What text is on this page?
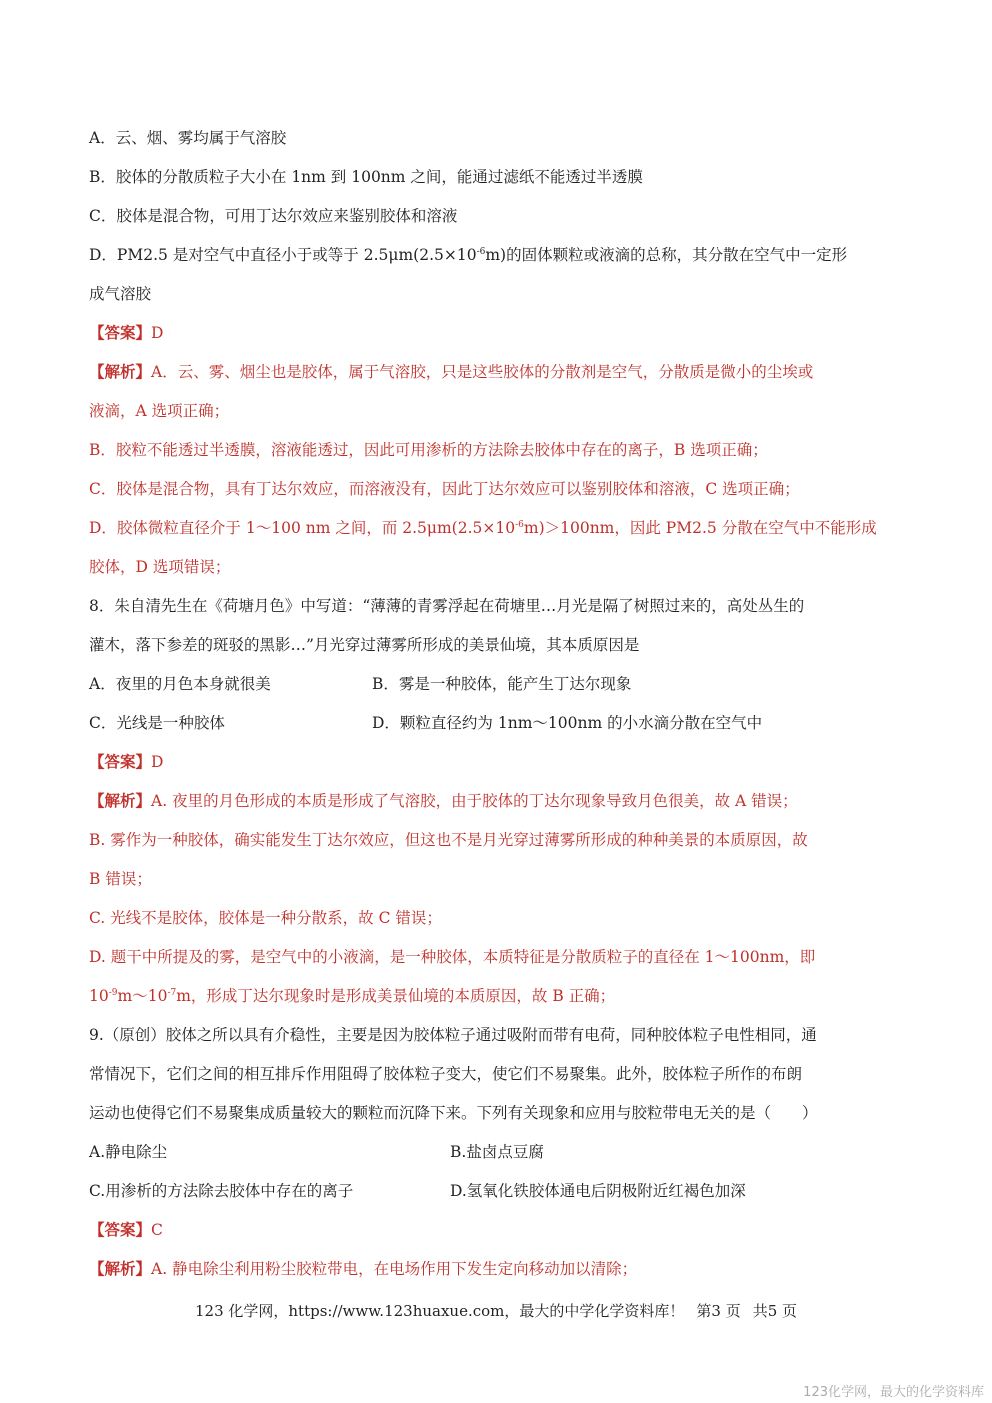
A．云、烟、雾均属于气溶胶
B．胶体的分散质粒子大小在 1nm 到 100nm 之间，能通过滤纸不能透过半透膜
C．胶体是混合物，可用丁达尔效应来鉴别胶体和溶液
D．PM2.5 是对空气中直径小于或等于 $2.5\mu m(2.5\times 10^{-6}m)$的固体颗粒或液滴的总称，其分散在空气中一定形
成气溶胶
【答案】D
【解析】A．云、雾、烟尘也是胶体，属于气溶胶，只是这些胶体的分散剂是空气，分散质是微小的尘埃或
液滴，A 选项正确；
B．胶粒不能透过半透膜，溶液能透过，因此可用渗析的方法除去胶体中存在的离子，B 选项正确；
C．胶体是混合物，具有丁达尔效应，而溶液没有，因此丁达尔效应可以鉴别胶体和溶液，C 选项正确；
D．胶体微粒直径介于 1～100 nm 之间，而 $2.5\mu m(2.5\times 10^{-6}m)>100nm$，因此 PM2.5 分散在空气中不能形成
胶体，D 选项错误；
8．朱自清先生在《荷塘月色》中写道：“薄薄的青雾浮起在荷塘里…月光是隔了树照过来的，高处丛生的
灌木，落下参差的斑驳的黑影…”月光穿过薄雾所形成的美景仙境，其本质原因是
A．夜里的月色本身就很美	B．雾是一种胶体，能产生丁达尔现象
C．光线是一种胶体	D．颗粒直径约为 1nm～100nm 的小水滴分散在空气中
【答案】D
【解析】A. 夜里的月色形成的本质是形成了气溶胶，由于胶体的丁达尔现象导致月色很美，故 A 错误；
B. 雾作为一种胶体，确实能发生丁达尔效应，但这也不是月光穿过薄雾所形成的种种美景的本质原因，故
B 错误；
C. 光线不是胶体，胶体是一种分散系，故 C 错误；
D. 题干中所提及的雾，是空气中的小液滴，是一种胶体，本质特征是分散质粒子的直径在 1～100nm，即
$10^{-9}m\sim 10^{-7}m$，形成丁达尔现象时是形成美景仙境的本质原因，故 B 正确；
9.（原创）胶体之所以具有介稳性，主要是因为胶体粒子通过吸附而带有电荷，同种胶体粒子电性相同，通
常情况下，它们之间的相互排斥作用阻碍了胶体粒子变大，使它们不易聚集。此外，胶体粒子所作的布朗
运动也使得它们不易聚集成质量较大的颗粒而沉降下来。下列有关现象和应用与胶粒带电无关的是（　　）
A.静电除尘	B.盐卤点豆腐
C.用渗析的方法除去胶体中存在的离子	D.氢氧化铁胶体通电后阴极附近红褐色加深
【答案】C
【解析】A. 静电除尘利用粉尘胶粒带电，在电场作用下发生定向移动加以清除；
123 化学网，https://www.123huaxue.com，最大的中学化学资料库！ 第3 页 共5 页
123化学网，最大的化学资料库
